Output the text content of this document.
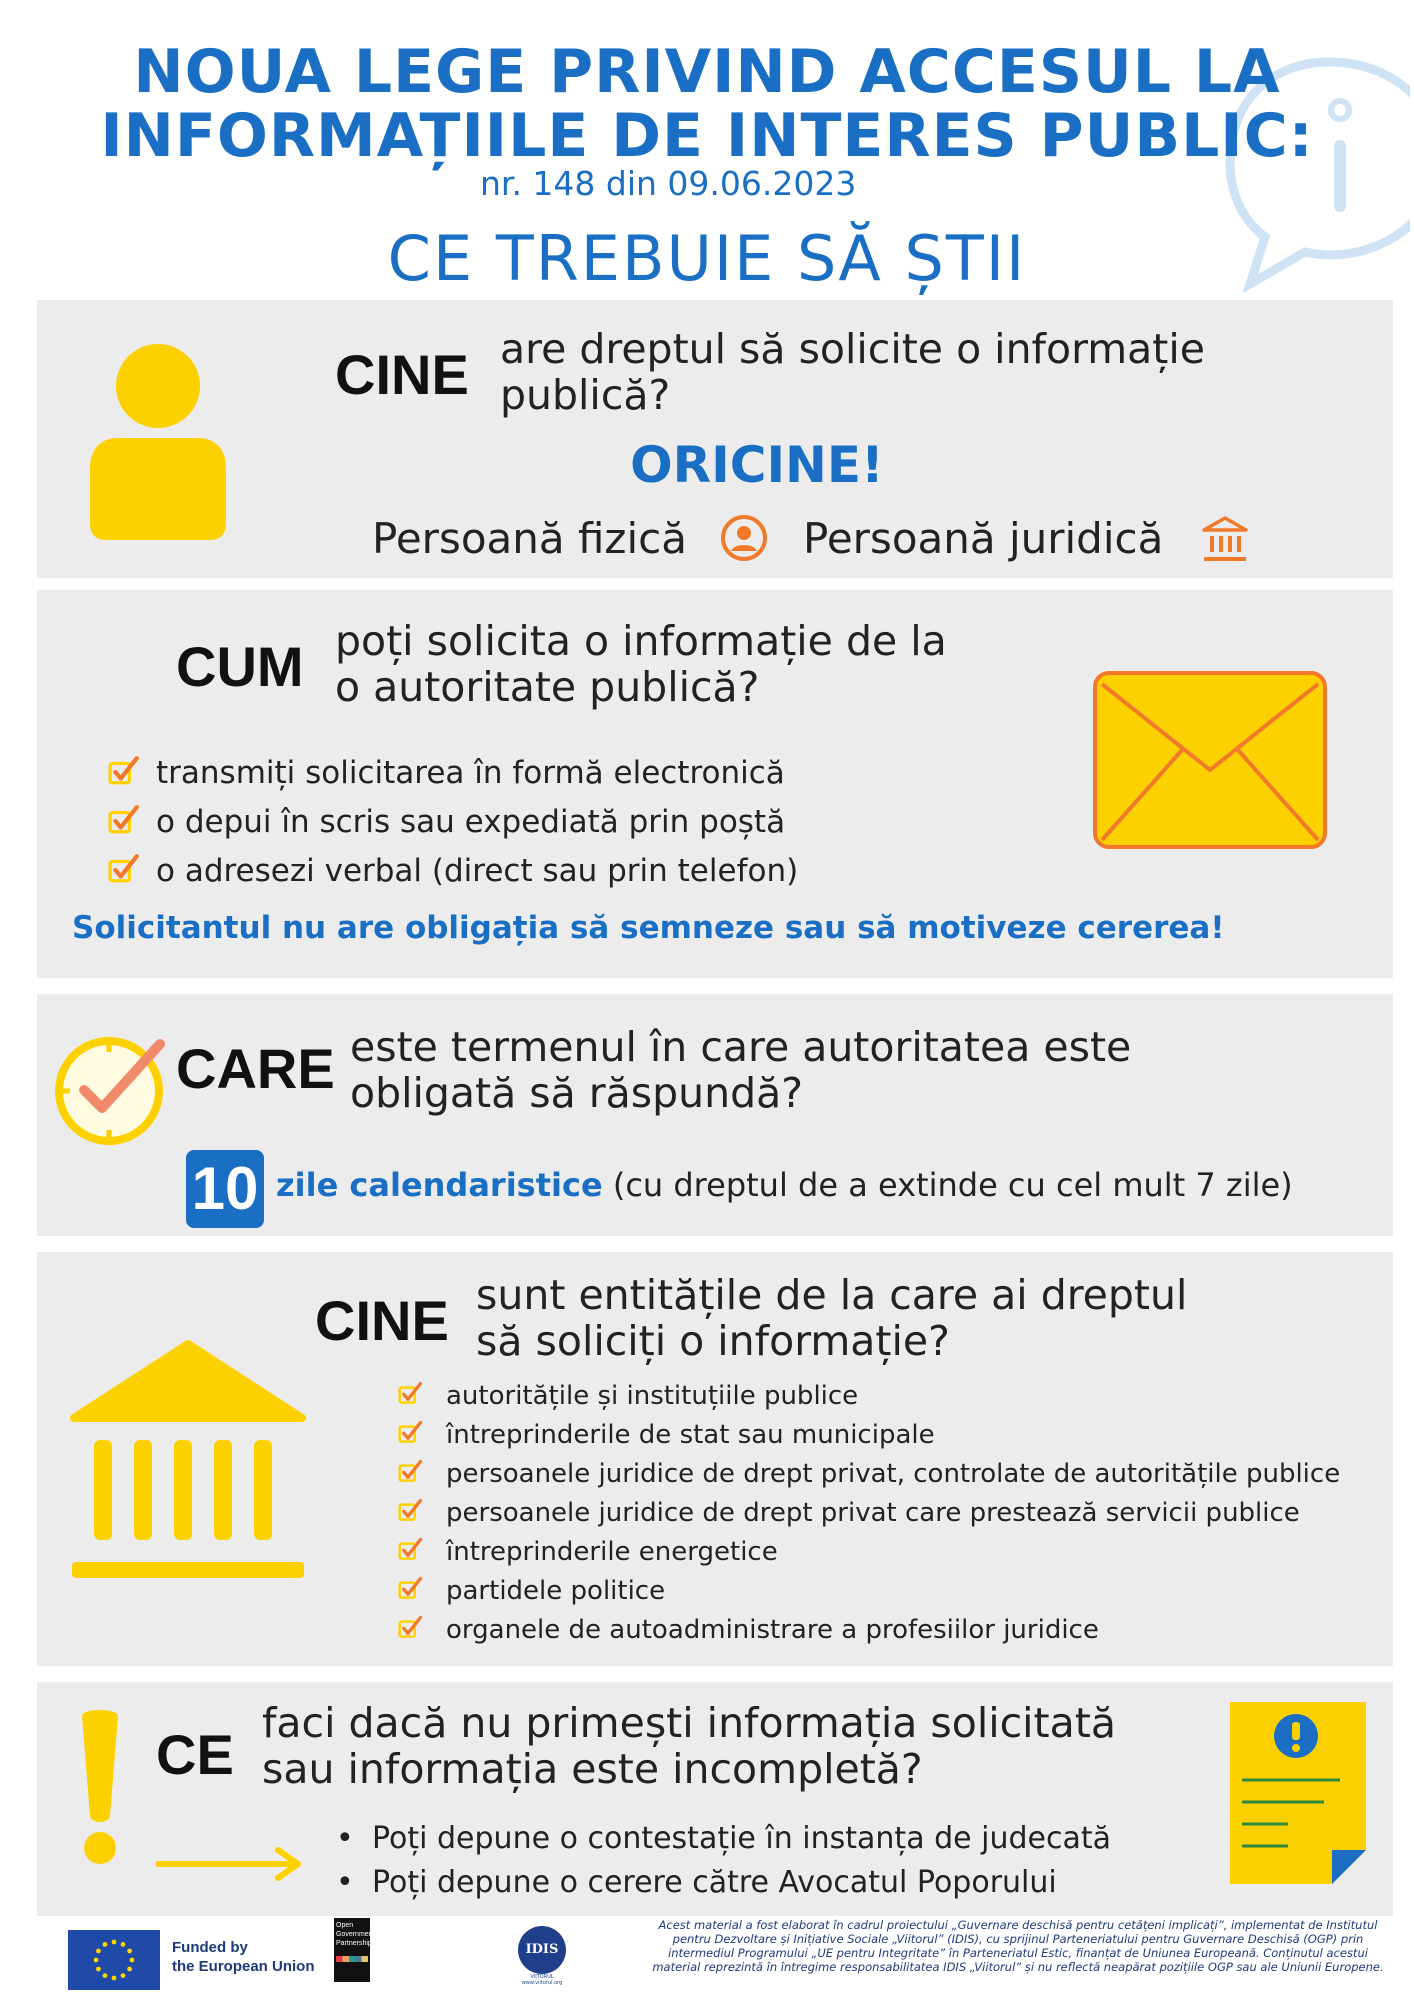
NOUA LEGE PRIVIND ACCESUL LA
INFORMAȚIILE DE INTERES PUBLIC:
nr. 148 din 09.06.2023
CE TREBUIE SĂ ȘTII
CINE are dreptul să solicite o informație
publică?
ORICINE!
Persoană fizică	Persoană juridică
CUM poți solicita o informație de la
o autoritate publică?
transmiți solicitarea în formă electronică
o depui în scris sau expediată prin poștă
o adresezi verbal (direct sau prin telefon)
Solicitantul nu are obligația să semneze sau să motiveze cererea!
CARE este termenul în care autoritatea este
obligată să răspundă?
10 zile calendaristice (cu dreptul de a extinde cu cel mult 7 zile)
CINE sunt entitățile de la care ai dreptul
să soliciți o informație?
autoritățile și instituțiile publice
întreprinderile de stat sau municipale
persoanele juridice de drept privat, controlate de autoritățile publice
persoanele juridice de drept privat care prestează servicii publice
întreprinderile energetice
partidele politice
organele de autoadministrare a profesiilor juridice
CE faci dacă nu primești informația solicitată
sau informația este incompletă?
• Poți depune o contestație în instanța de judecată
• Poți depune o cerere către Avocatul Poporului
Funded by
the European Union
Open
Government
Partnership	IDIS
VIITORUL
www.viitorul.org
Acest material a fost elaborat în cadrul proiectului „Guvernare deschisă pentru cetățeni implicați”, implementat de Institutul pentru Dezvoltare și Inițiative Sociale „Viitorul” (IDIS), cu sprijinul Parteneriatului pentru Guvernare Deschisă (OGP) prin intermediul Programului „UE pentru Integritate” în Parteneriatul Estic, finanțat de Uniunea Europeană. Conținutul acestui material reprezintă în întregime responsabilitatea IDIS „Viitorul” și nu reflectă neapărat pozițiile OGP sau ale Uniunii Europene.
